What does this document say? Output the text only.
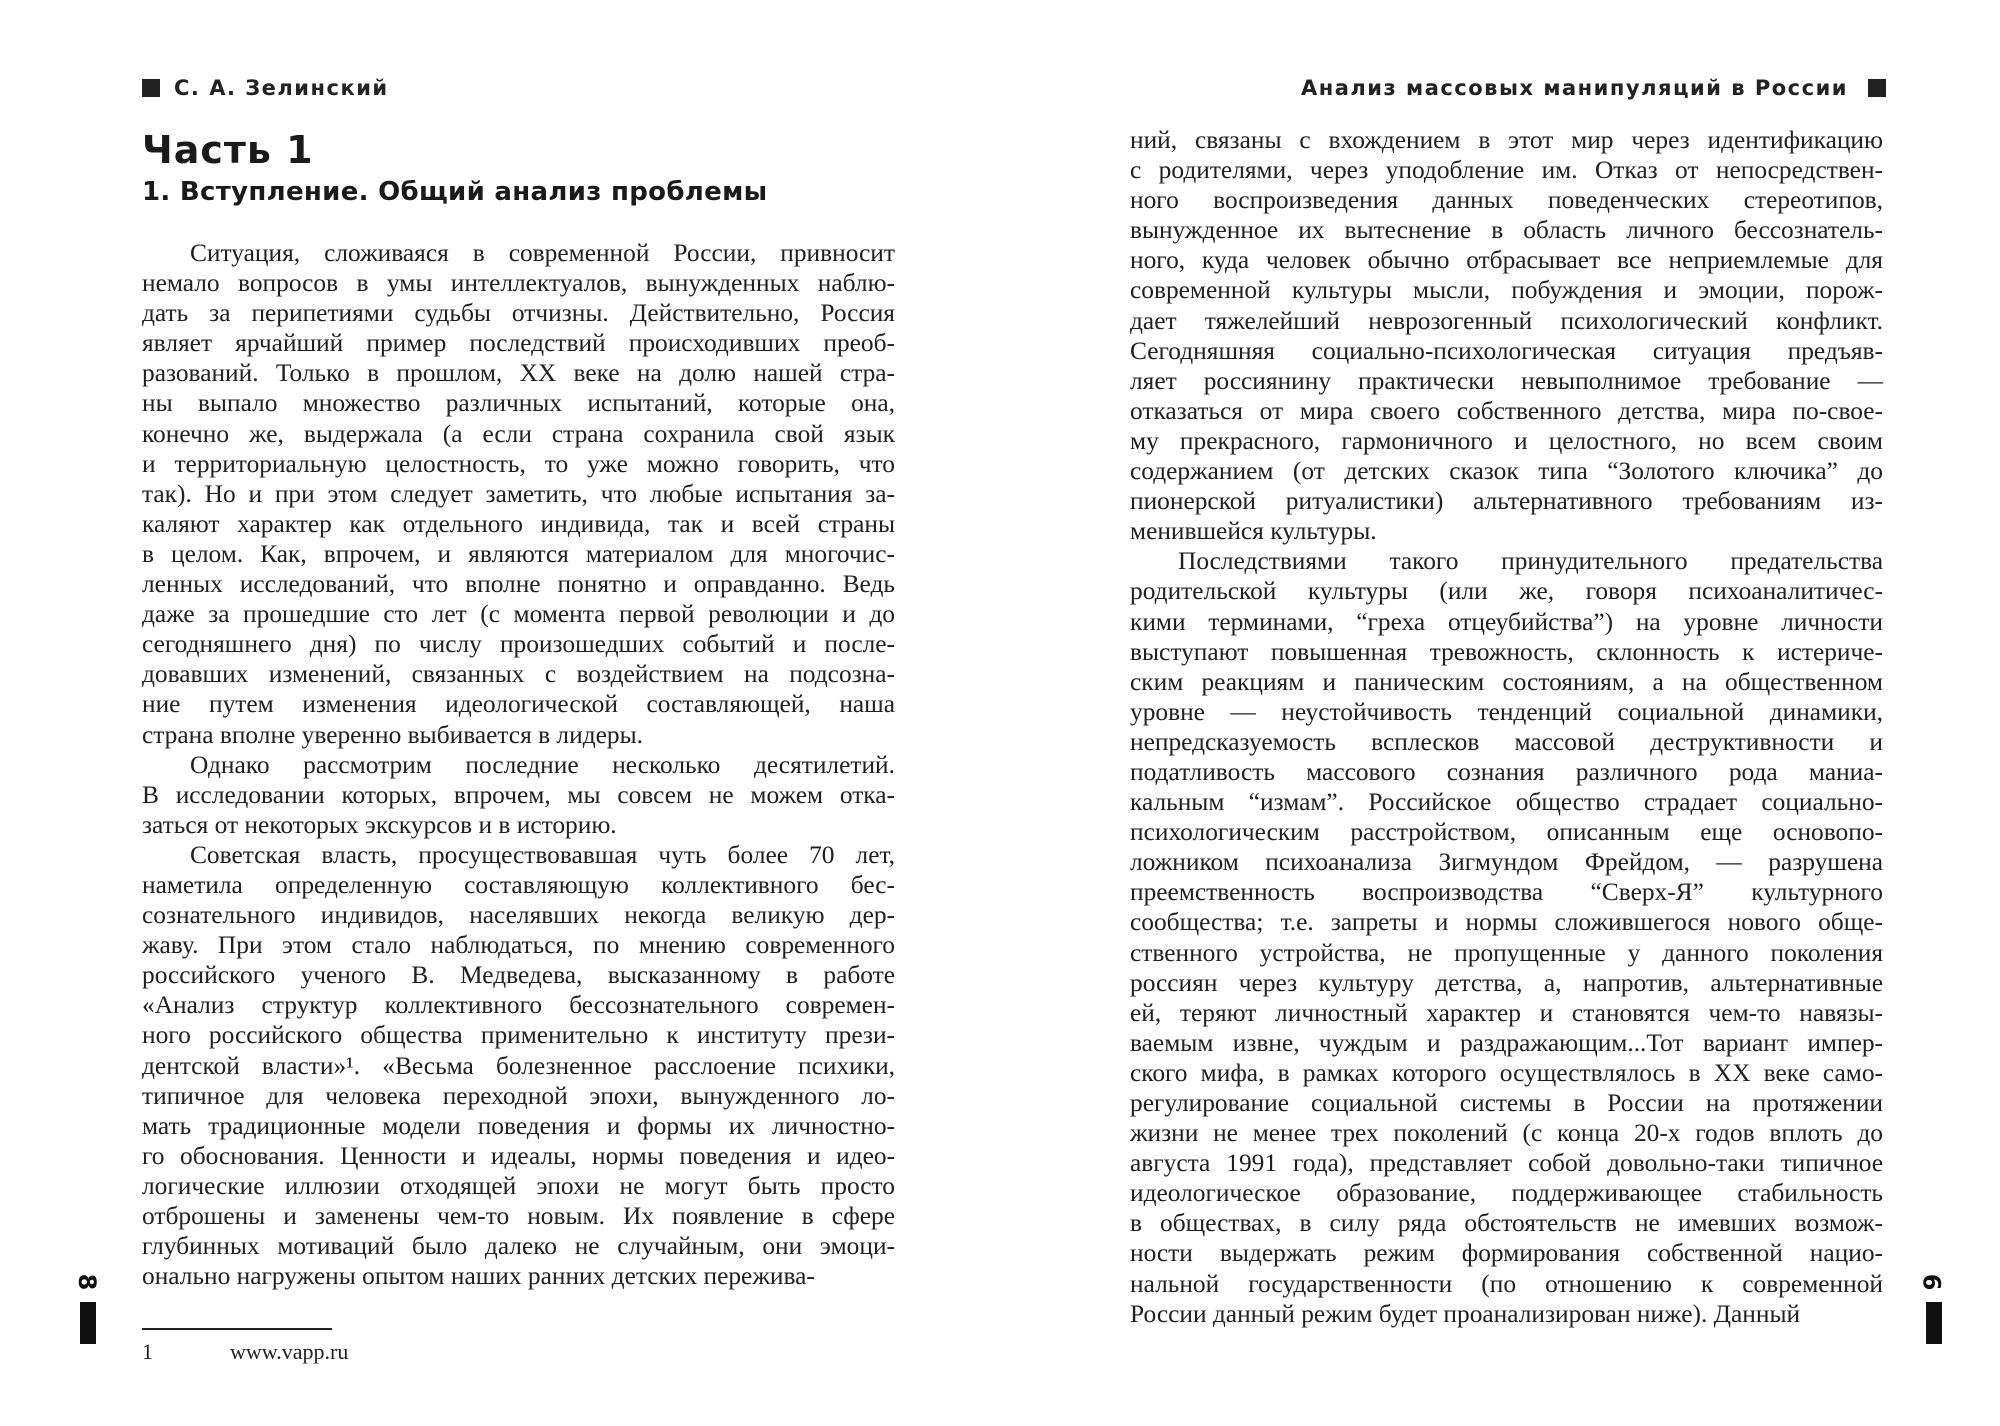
С. А. Зелинский
Часть 1
1. Вступление. Общий анализ проблемы
Ситуация, сложиваяся в современной России, привносит
немало вопросов в умы интеллектуалов, вынужденных наблю-
дать за перипетиями судьбы отчизны. Действительно, Россия
являет ярчайший пример последствий происходивших преоб-
разований. Только в прошлом, XX веке на долю нашей стра-
ны выпало множество различных испытаний, которые она,
конечно же, выдержала (а если страна сохранила свой язык
и территориальную целостность, то уже можно говорить, что
так). Но и при этом следует заметить, что любые испытания за-
каляют характер как отдельного индивида, так и всей страны
в целом. Как, впрочем, и являются материалом для многочис-
ленных исследований, что вполне понятно и оправданно. Ведь
даже за прошедшие сто лет (с момента первой революции и до
сегодняшнего дня) по числу произошедших событий и после-
довавших изменений, связанных с воздействием на подсозна-
ние путем изменения идеологической составляющей, наша
страна вполне уверенно выбивается в лидеры.
Однако рассмотрим последние несколько десятилетий.
В исследовании которых, впрочем, мы совсем не можем отка-
заться от некоторых экскурсов и в историю.
Советская власть, просуществовавшая чуть более 70 лет,
наметила определенную составляющую коллективного бес-
сознательного индивидов, населявших некогда великую дер-
жаву. При этом стало наблюдаться, по мнению современного
российского ученого В. Медведева, высказанному в работе
«Анализ структур коллективного бессознательного современ-
ного российского общества применительно к институту прези-
дентской власти»¹. «Весьма болезненное расслоение психики,
типичное для человека переходной эпохи, вынужденного ло-
мать традиционные модели поведения и формы их личностно-
го обоснования. Ценности и идеалы, нормы поведения и идео-
логические иллюзии отходящей эпохи не могут быть просто
отброшены и заменены чем-то новым. Их появление в сфере
глубинных мотиваций было далеко не случайным, они эмоци-
онально нагружены опытом наших ранних детских пережива-
1	www.vapp.ru
8
Анализ массовых манипуляций в России
ний, связаны с вхождением в этот мир через идентификацию
с родителями, через уподобление им. Отказ от непосредствен-
ного воспроизведения данных поведенческих стереотипов,
вынужденное их вытеснение в область личного бессознатель-
ного, куда человек обычно отбрасывает все неприемлемые для
современной культуры мысли, побуждения и эмоции, порож-
дает тяжелейший неврозогенный психологический конфликт.
Сегодняшняя социально-психологическая ситуация предъяв-
ляет россиянину практически невыполнимое требование —
отказаться от мира своего собственного детства, мира по-свое-
му прекрасного, гармоничного и целостного, но всем своим
содержанием (от детских сказок типа “Золотого ключика” до
пионерской ритуалистики) альтернативного требованиям из-
менившейся культуры.
Последствиями такого принудительного предательства
родительской культуры (или же, говоря психоаналитичес-
кими терминами, “греха отцеубийства”) на уровне личности
выступают повышенная тревожность, склонность к истериче-
ским реакциям и паническим состояниям, а на общественном
уровне — неустойчивость тенденций социальной динамики,
непредсказуемость всплесков массовой деструктивности и
податливость массового сознания различного рода маниа-
кальным “измам”. Российское общество страдает социально-
психологическим расстройством, описанным еще основопо-
ложником психоанализа Зигмундом Фрейдом, — разрушена
преемственность воспроизводства “Сверх-Я” культурного
сообщества; т.е. запреты и нормы сложившегося нового обще-
ственного устройства, не пропущенные у данного поколения
россиян через культуру детства, а, напротив, альтернативные
ей, теряют личностный характер и становятся чем-то навязы-
ваемым извне, чуждым и раздражающим...Тот вариант импер-
ского мифа, в рамках которого осуществлялось в XX веке само-
регулирование социальной системы в России на протяжении
жизни не менее трех поколений (с конца 20-х годов вплоть до
августа 1991 года), представляет собой довольно-таки типичное
идеологическое образование, поддерживающее стабильность
в обществах, в силу ряда обстоятельств не имевших возмож-
ности выдержать режим формирования собственной нацио-
нальной государственности (по отношению к современной
России данный режим будет проанализирован ниже). Данный
9
